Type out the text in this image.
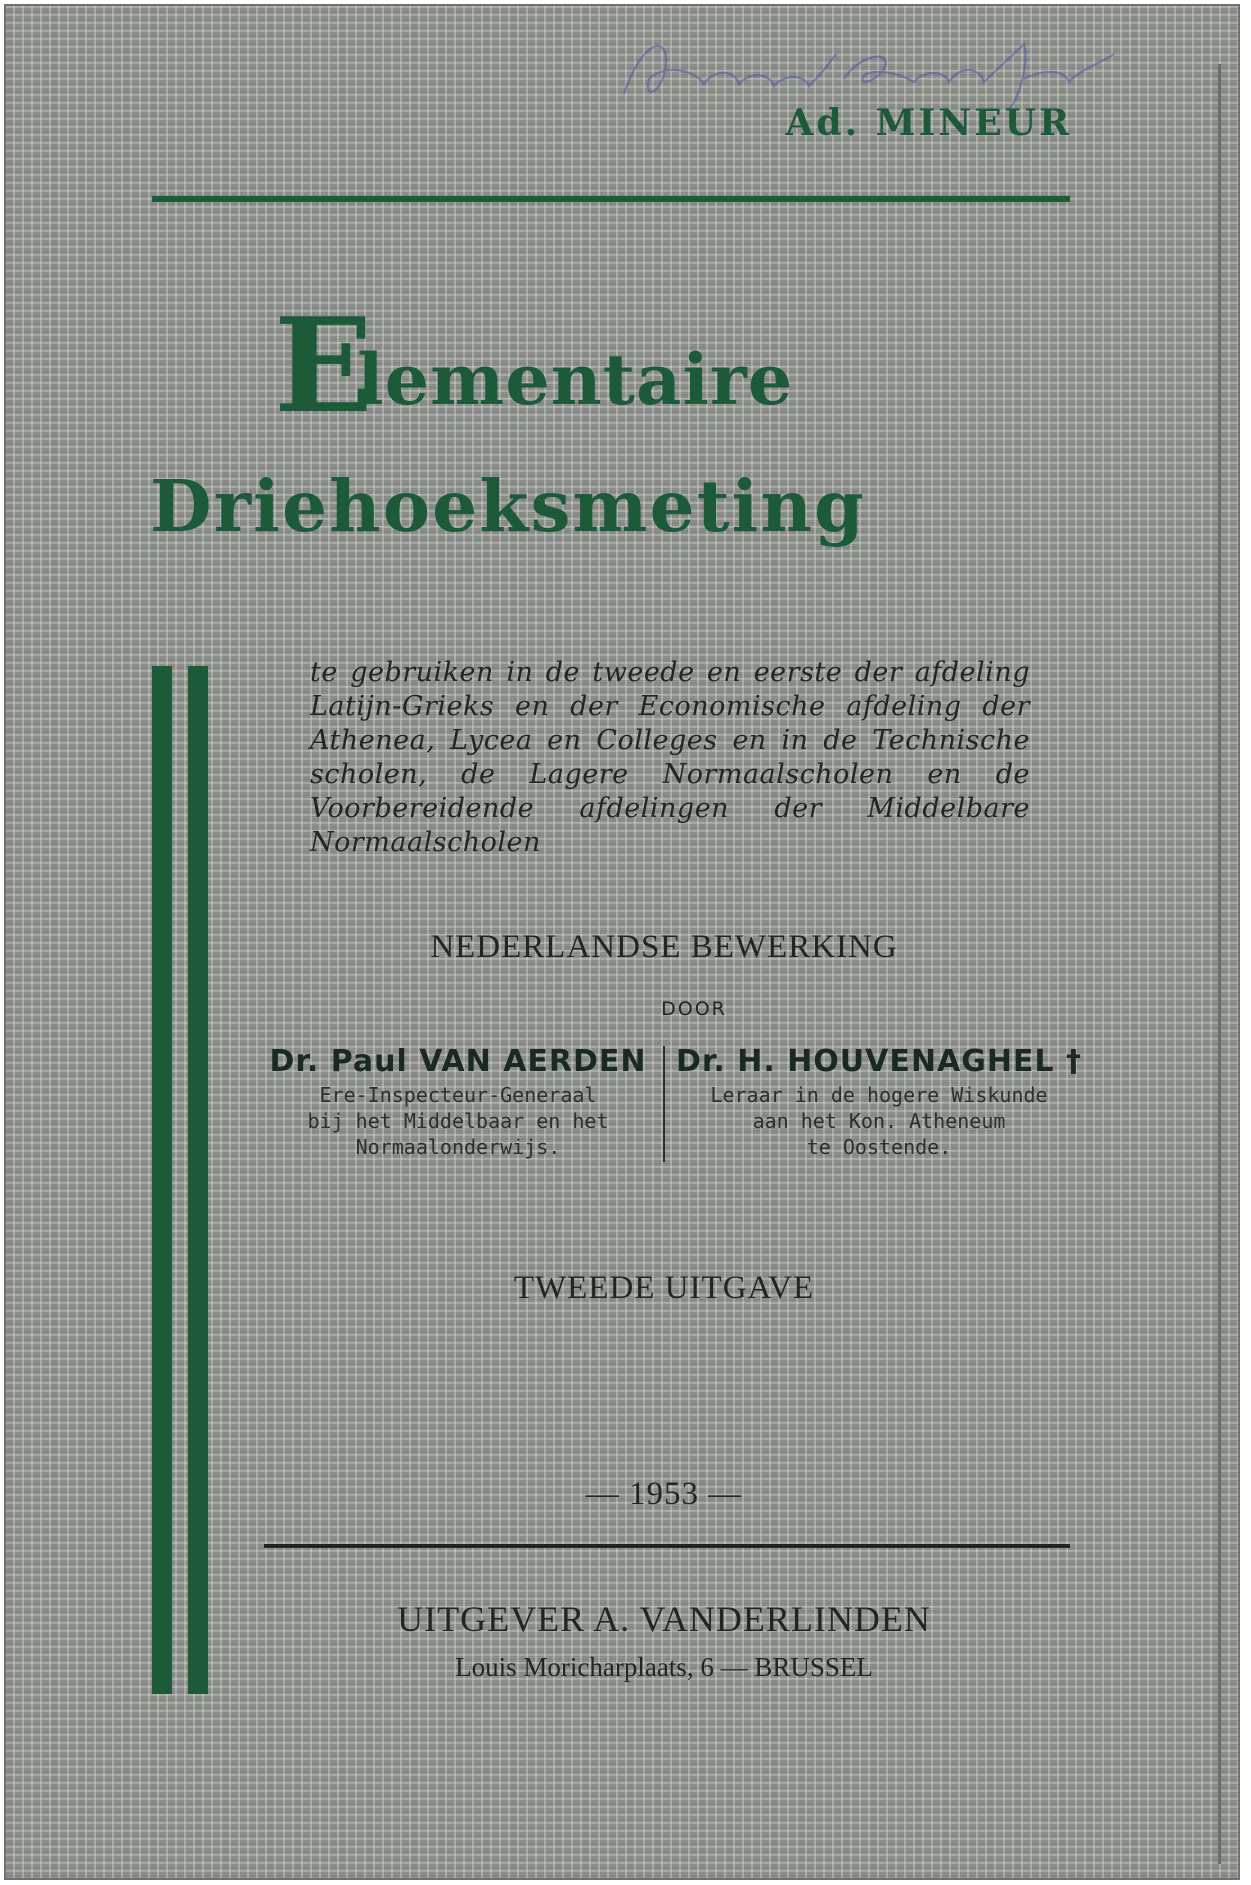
Ad. MINEUR
E
lementaire
Driehoeksmeting
te gebruiken in de tweede en eerste der afdeling Latijn-Grieks en der Economische afdeling der Athenea, Lycea en Colleges en in de Technische scholen, de Lagere Normaalscholen en de Voorbereidende afdelingen der Middelbare Normaalscholen
NEDERLANDSE BEWERKING
DOOR
Dr. Paul VAN AERDEN
Ere-Inspecteur-Generaal
bij het Middelbaar en het
Normaalonderwijs.
Dr. H. HOUVENAGHEL †
Leraar in de hogere Wiskunde
aan het Kon. Atheneum
te Oostende.
TWEEDE UITGAVE
— 1953 —
UITGEVER A. VANDERLINDEN
Louis Moricharplaats, 6 — BRUSSEL
